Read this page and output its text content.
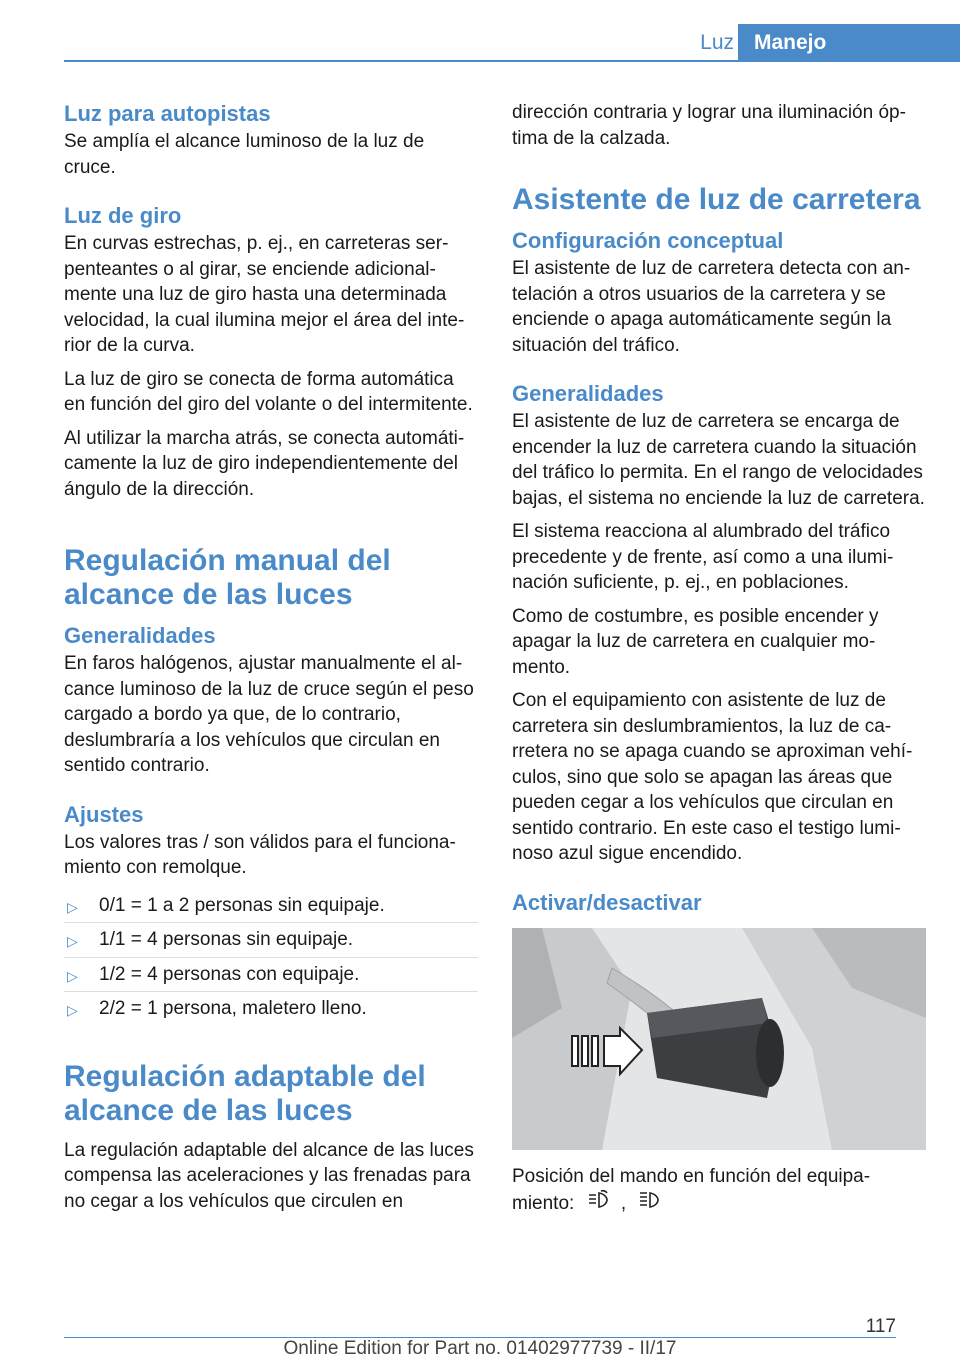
Luz Manejo
Luz para autopistas

Se amplía el alcance luminoso de la luz de cruce.

Luz de giro

En curvas estrechas, p. ej., en carreteras serpenteantes o al girar, se enciende adicionalmente una luz de giro hasta una determinada velocidad, la cual ilumina mejor el área del interior de la curva.

La luz de giro se conecta de forma automática en función del giro del volante o del intermitente.

Al utilizar la marcha atrás, se conecta automáticamente la luz de giro independientemente del ángulo de la dirección.

Regulación manual del alcance de las luces
Generalidades

En faros halógenos, ajustar manualmente el alcance luminoso de la luz de cruce según el peso cargado a bordo ya que, de lo contrario, deslumbraría a los vehículos que circulan en sentido contrario.

Ajustes

Los valores tras / son válidos para el funcionamiento con remolque.

▷ 0/1 = 1 a 2 personas sin equipaje.
▷ 1/1 = 4 personas sin equipaje.
▷ 1/2 = 4 personas con equipaje.
▷ 2/2 = 1 persona, maletero lleno.
Regulación adaptable del alcance de las luces

La regulación adaptable del alcance de las luces compensa las aceleraciones y las frenadas para no cegar a los vehículos que circulen en

dirección contraria y lograr una iluminación óptima de la calzada.

Asistente de luz de carretera
Configuración conceptual

El asistente de luz de carretera detecta con antelación a otros usuarios de la carretera y se enciende o apaga automáticamente según la situación del tráfico.

Generalidades

El asistente de luz de carretera se encarga de encender la luz de carretera cuando la situación del tráfico lo permita. En el rango de velocidades bajas, el sistema no enciende la luz de carretera.

El sistema reacciona al alumbrado del tráfico precedente y de frente, así como a una iluminación suficiente, p. ej., en poblaciones.

Como de costumbre, es posible encender y apagar la luz de carretera en cualquier momento.

Con el equipamiento con asistente de luz de carretera sin deslumbramientos, la luz de carretera no se apaga cuando se aproximan vehículos, sino que solo se apagan las áreas que pueden cegar a los vehículos que circulan en sentido contrario. En este caso el testigo luminoso azul sigue encendido.

Activar/desactivar

Posición del mando en función del equipamiento: ,

117
Online Edition for Part no. 01402977739 - II/17
